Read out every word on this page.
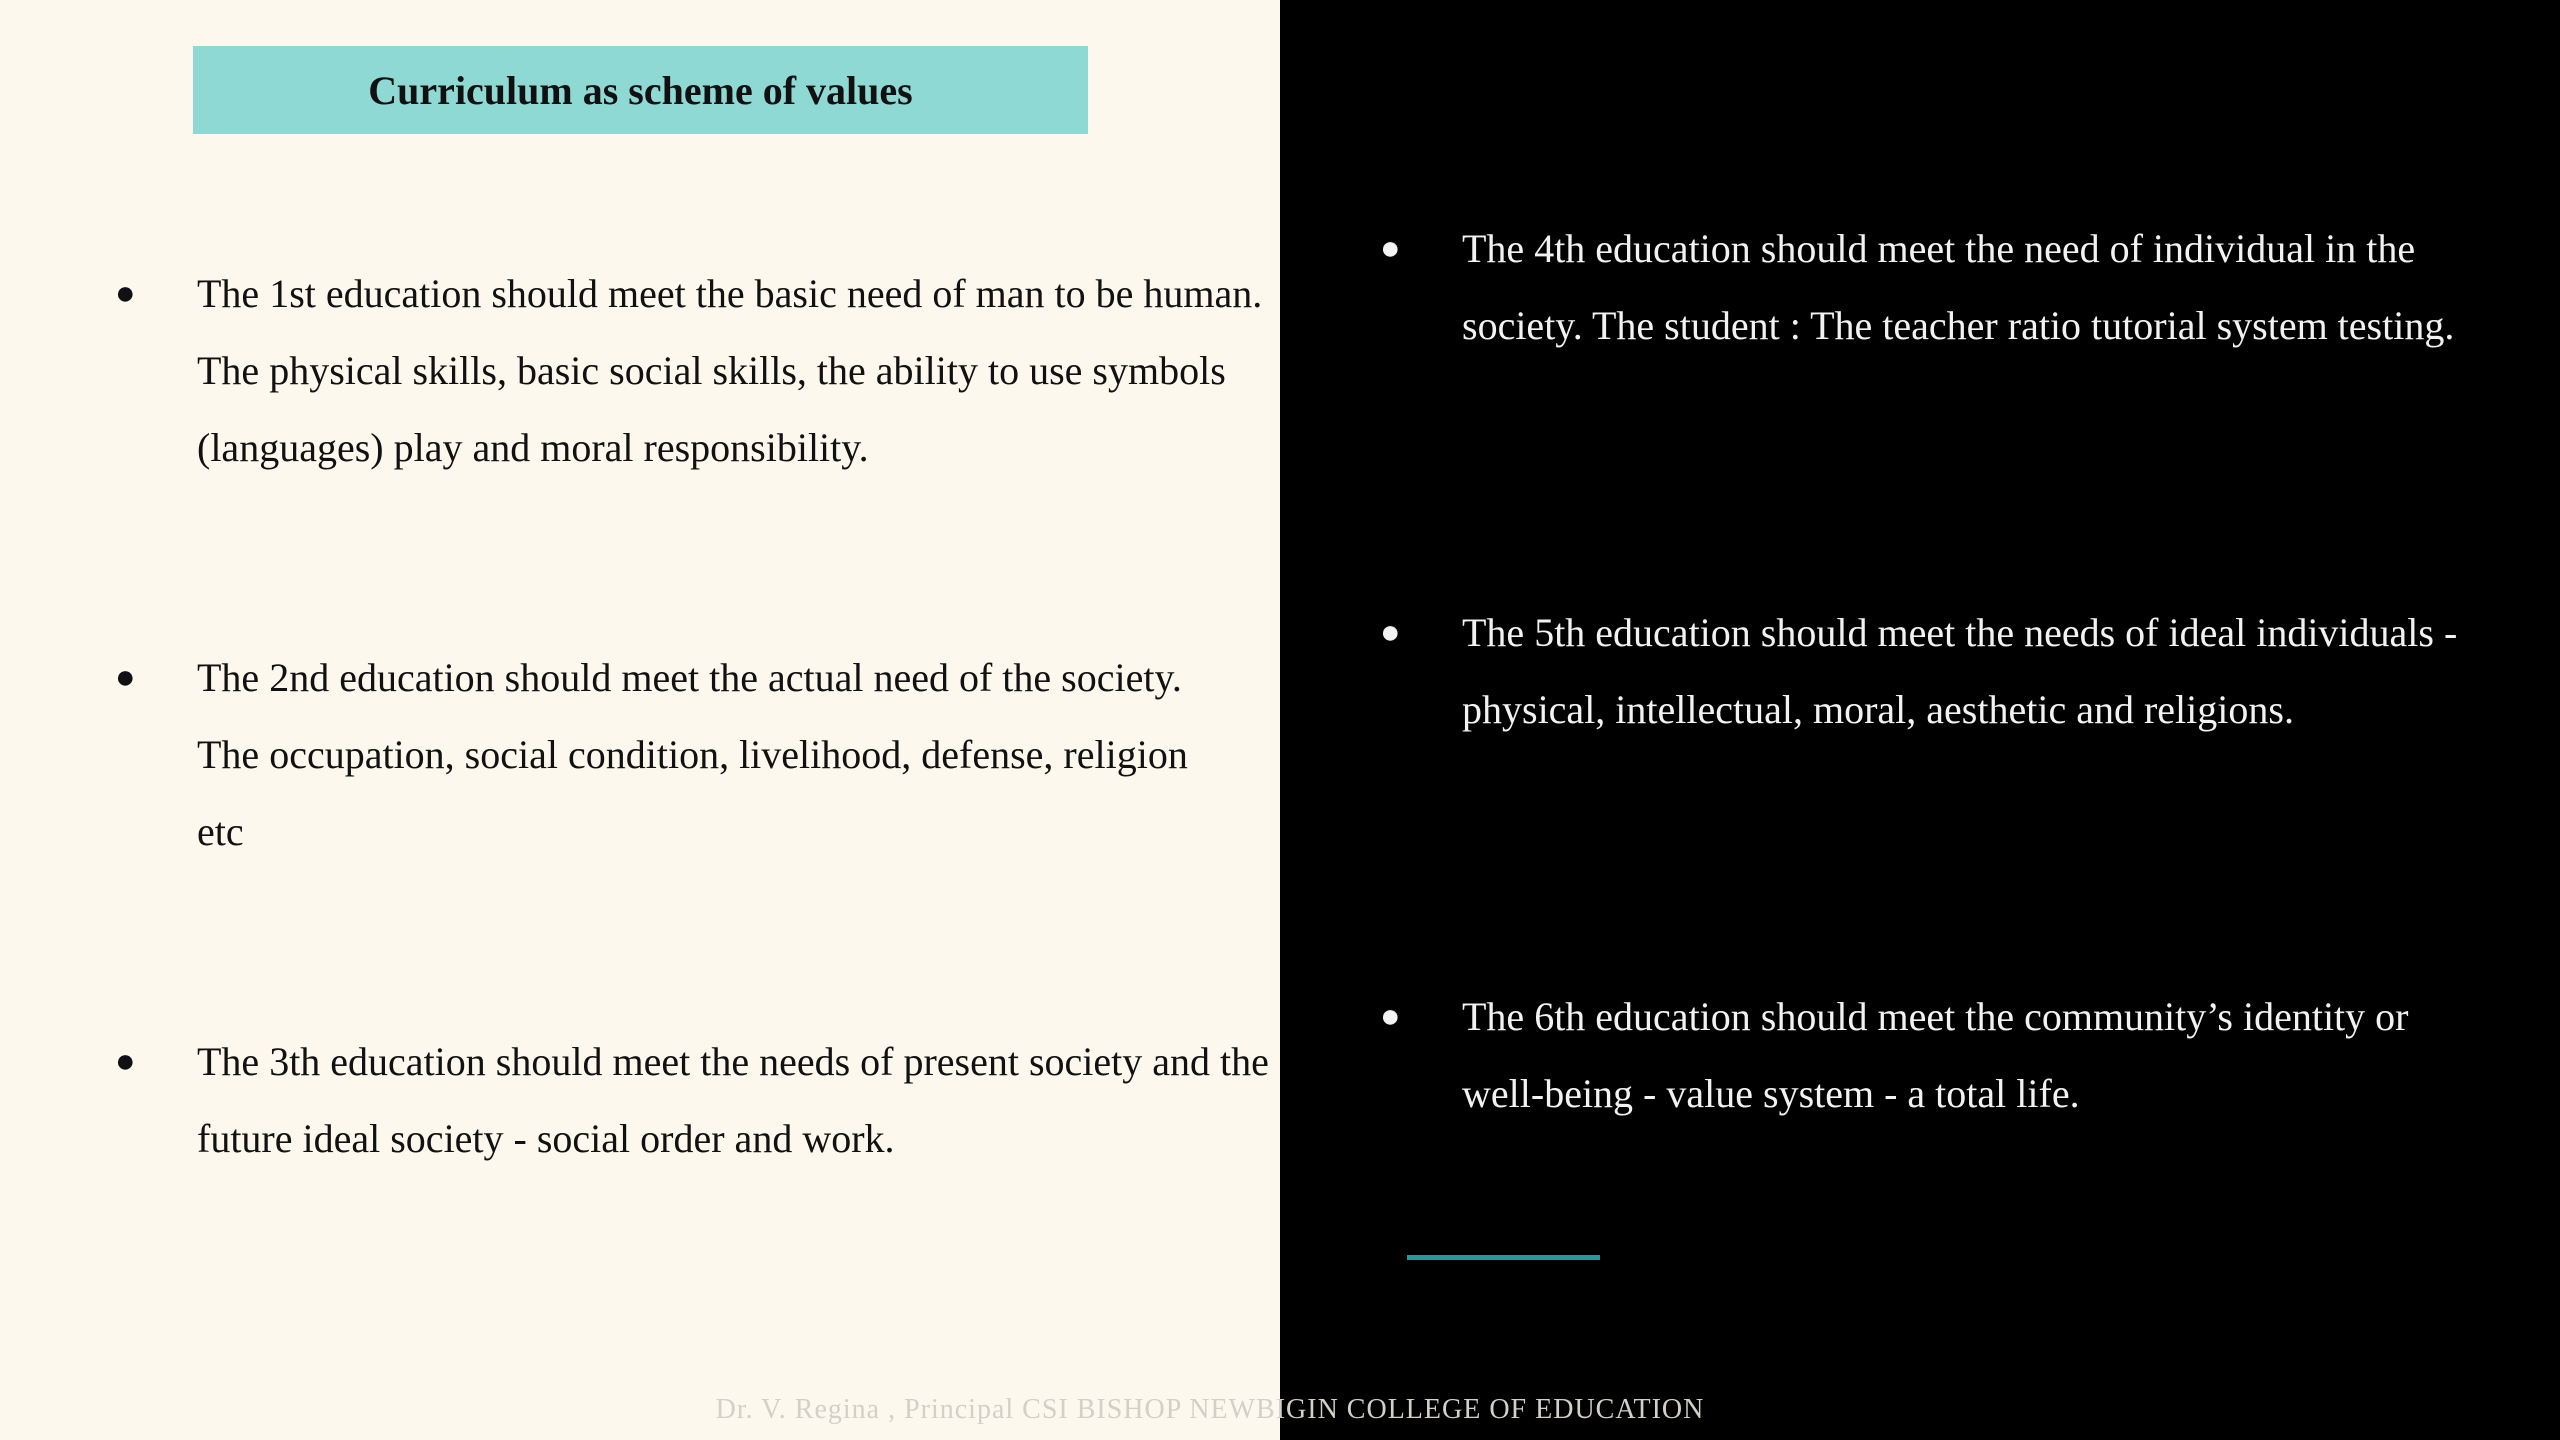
Curriculum as scheme of values
● The 1st education should meet the basic need of man to be human. The physical skills, basic social skills, the ability to use symbols (languages) play and moral responsibility.
● The 2nd education should meet the actual need of the society. The occupation, social condition, livelihood, defense, religion etc
● The 3th education should meet the needs of present society and the future ideal society - social order and work.
● The 4th education should meet the need of individual in the society. The student : The teacher ratio tutorial system testing.
● The 5th education should meet the needs of ideal individuals - physical, intellectual, moral, aesthetic and religions.
● The 6th education should meet the community’s identity or well-being - value system - a total life.
Dr. V. Regina , Principal CSI BISHOP NEWBIGIN COLLEGE OF EDUCATION
